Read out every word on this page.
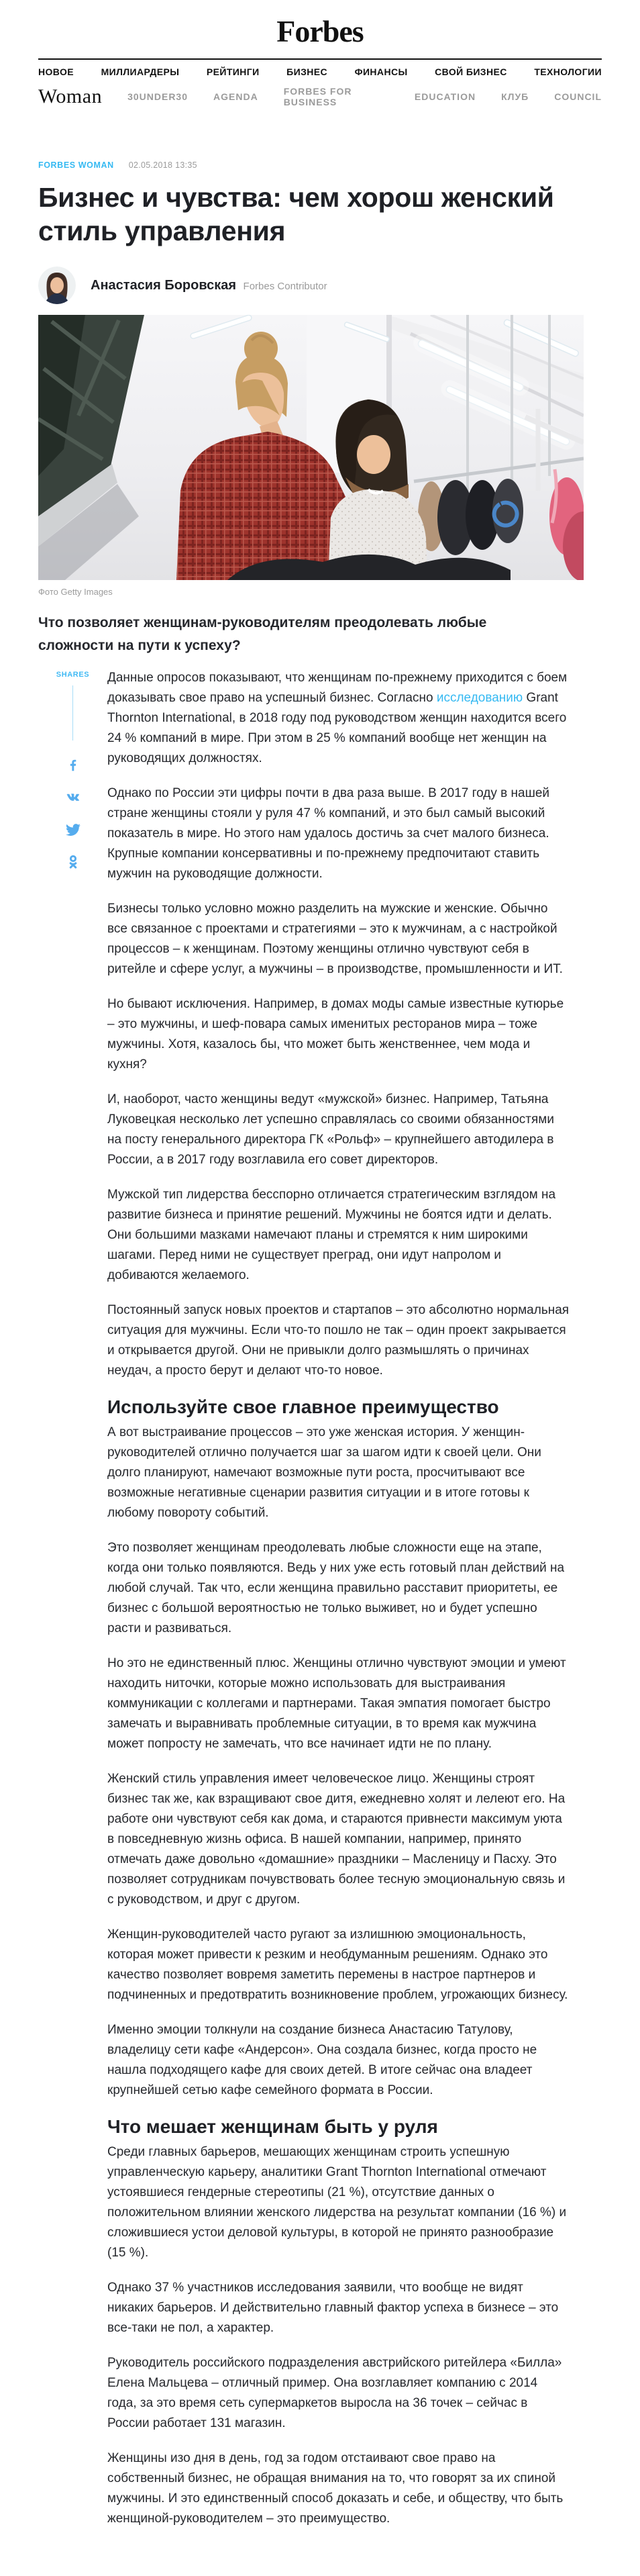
Forbes
НОВОЕ	МИЛЛИАРДЕРЫ	РЕЙТИНГИ	БИЗНЕС	ФИНАНСЫ	СВОЙ БИЗНЕС	ТЕХНОЛОГИИ
Woman	30UNDER30	AGENDA	FORBES FOR BUSINESS	EDUCATION	КЛУБ	COUNCIL
FORBES WOMAN 02.05.2018 13:35
Бизнес и чувства: чем хорош женский стиль управления
Анастасия Боровская Forbes Contributor
Фото Getty Images

Что позволяет женщинам-руководителям преодолевать любые сложности на пути к успеху?

SHARES Данные опросов показывают, что женщинам по-прежнему приходится с боем доказывать свое право на успешный бизнес. Согласно исследованию Grant Thornton International, в 2018 году под руководством женщин находится всего 24 % компаний в мире. При этом в 25 % компаний вообще нет женщин на руководящих должностях.

Однако по России эти цифры почти в два раза выше. В 2017 году в нашей стране женщины стояли у руля 47 % компаний, и это был самый высокий показатель в мире. Но этого нам удалось достичь за счет малого бизнеса. Крупные компании консервативны и по-прежнему предпочитают ставить мужчин на руководящие должности.

Бизнесы только условно можно разделить на мужские и женские. Обычно все связанное с проектами и стратегиями – это к мужчинам, а с настройкой процессов – к женщинам. Поэтому женщины отлично чувствуют себя в ритейле и сфере услуг, а мужчины – в производстве, промышленности и ИТ.

Но бывают исключения. Например, в домах моды самые известные кутюрье – это мужчины, и шеф-повара самых именитых ресторанов мира – тоже мужчины. Хотя, казалось бы, что может быть женственнее, чем мода и кухня?

И, наоборот, часто женщины ведут «мужской» бизнес. Например, Татьяна Луковецкая несколько лет успешно справлялась со своими обязанностями на посту генерального директора ГК «Рольф» – крупнейшего автодилера в России, а в 2017 году возглавила его совет директоров.

Мужской тип лидерства бесспорно отличается стратегическим взглядом на развитие бизнеса и принятие решений. Мужчины не боятся идти и делать. Они большими мазками намечают планы и стремятся к ним широкими шагами. Перед ними не существует преград, они идут напролом и добиваются желаемого.

Постоянный запуск новых проектов и стартапов – это абсолютно нормальная ситуация для мужчины. Если что-то пошло не так – один проект закрывается и открывается другой. Они не привыкли долго размышлять о причинах неудач, а просто берут и делают что-то новое.

Используйте свое главное преимущество

А вот выстраивание процессов – это уже женская история. У женщин-руководителей отлично получается шаг за шагом идти к своей цели. Они долго планируют, намечают возможные пути роста, просчитывают все возможные негативные сценарии развития ситуации и в итоге готовы к любому повороту событий.

Это позволяет женщинам преодолевать любые сложности еще на этапе, когда они только появляются. Ведь у них уже есть готовый план действий на любой случай. Так что, если женщина правильно расставит приоритеты, ее бизнес с большой вероятностью не только выживет, но и будет успешно расти и развиваться.

Но это не единственный плюс. Женщины отлично чувствуют эмоции и умеют находить ниточки, которые можно использовать для выстраивания коммуникации с коллегами и партнерами. Такая эмпатия помогает быстро замечать и выравнивать проблемные ситуации, в то время как мужчина может попросту не замечать, что все начинает идти не по плану.

Женский стиль управления имеет человеческое лицо. Женщины строят бизнес так же, как взращивают свое дитя, ежедневно холят и лелеют его. На работе они чувствуют себя как дома, и стараются привнести максимум уюта в повседневную жизнь офиса. В нашей компании, например, принято отмечать даже довольно «домашние» праздники – Масленицу и Пасху. Это позволяет сотрудникам почувствовать более тесную эмоциональную связь и с руководством, и друг с другом.

Женщин-руководителей часто ругают за излишнюю эмоциональность, которая может привести к резким и необдуманным решениям. Однако это качество позволяет вовремя заметить перемены в настрое партнеров и подчиненных и предотвратить возникновение проблем, угрожающих бизнесу.

Именно эмоции толкнули на создание бизнеса Анастасию Татулову, владелицу сети кафе «Андерсон». Она создала бизнес, когда просто не нашла подходящего кафе для своих детей. В итоге сейчас она владеет крупнейшей сетью кафе семейного формата в России.

Что мешает женщинам быть у руля

Среди главных барьеров, мешающих женщинам строить успешную управленческую карьеру, аналитики Grant Thornton International отмечают устоявшиеся гендерные стереотипы (21 %), отсутствие данных о положительном влиянии женского лидерства на результат компании (16 %) и сложившиеся устои деловой культуры, в которой не принято разнообразие (15 %).

Однако 37 % участников исследования заявили, что вообще не видят никаких барьеров. И действительно главный фактор успеха в бизнесе – это все-таки не пол, а характер.

Руководитель российского подразделения австрийского ритейлера «Билла» Елена Мальцева – отличный пример. Она возглавляет компанию с 2014 года, за это время сеть супермаркетов выросла на 36 точек – сейчас в России работает 131 магазин.

Женщины изо дня в день, год за годом отстаивают свое право на собственный бизнес, не обращая внимания на то, что говорят за их спиной мужчины. И это единственный способ доказать и себе, и обществу, что быть женщиной-руководителем – это преимущество.
